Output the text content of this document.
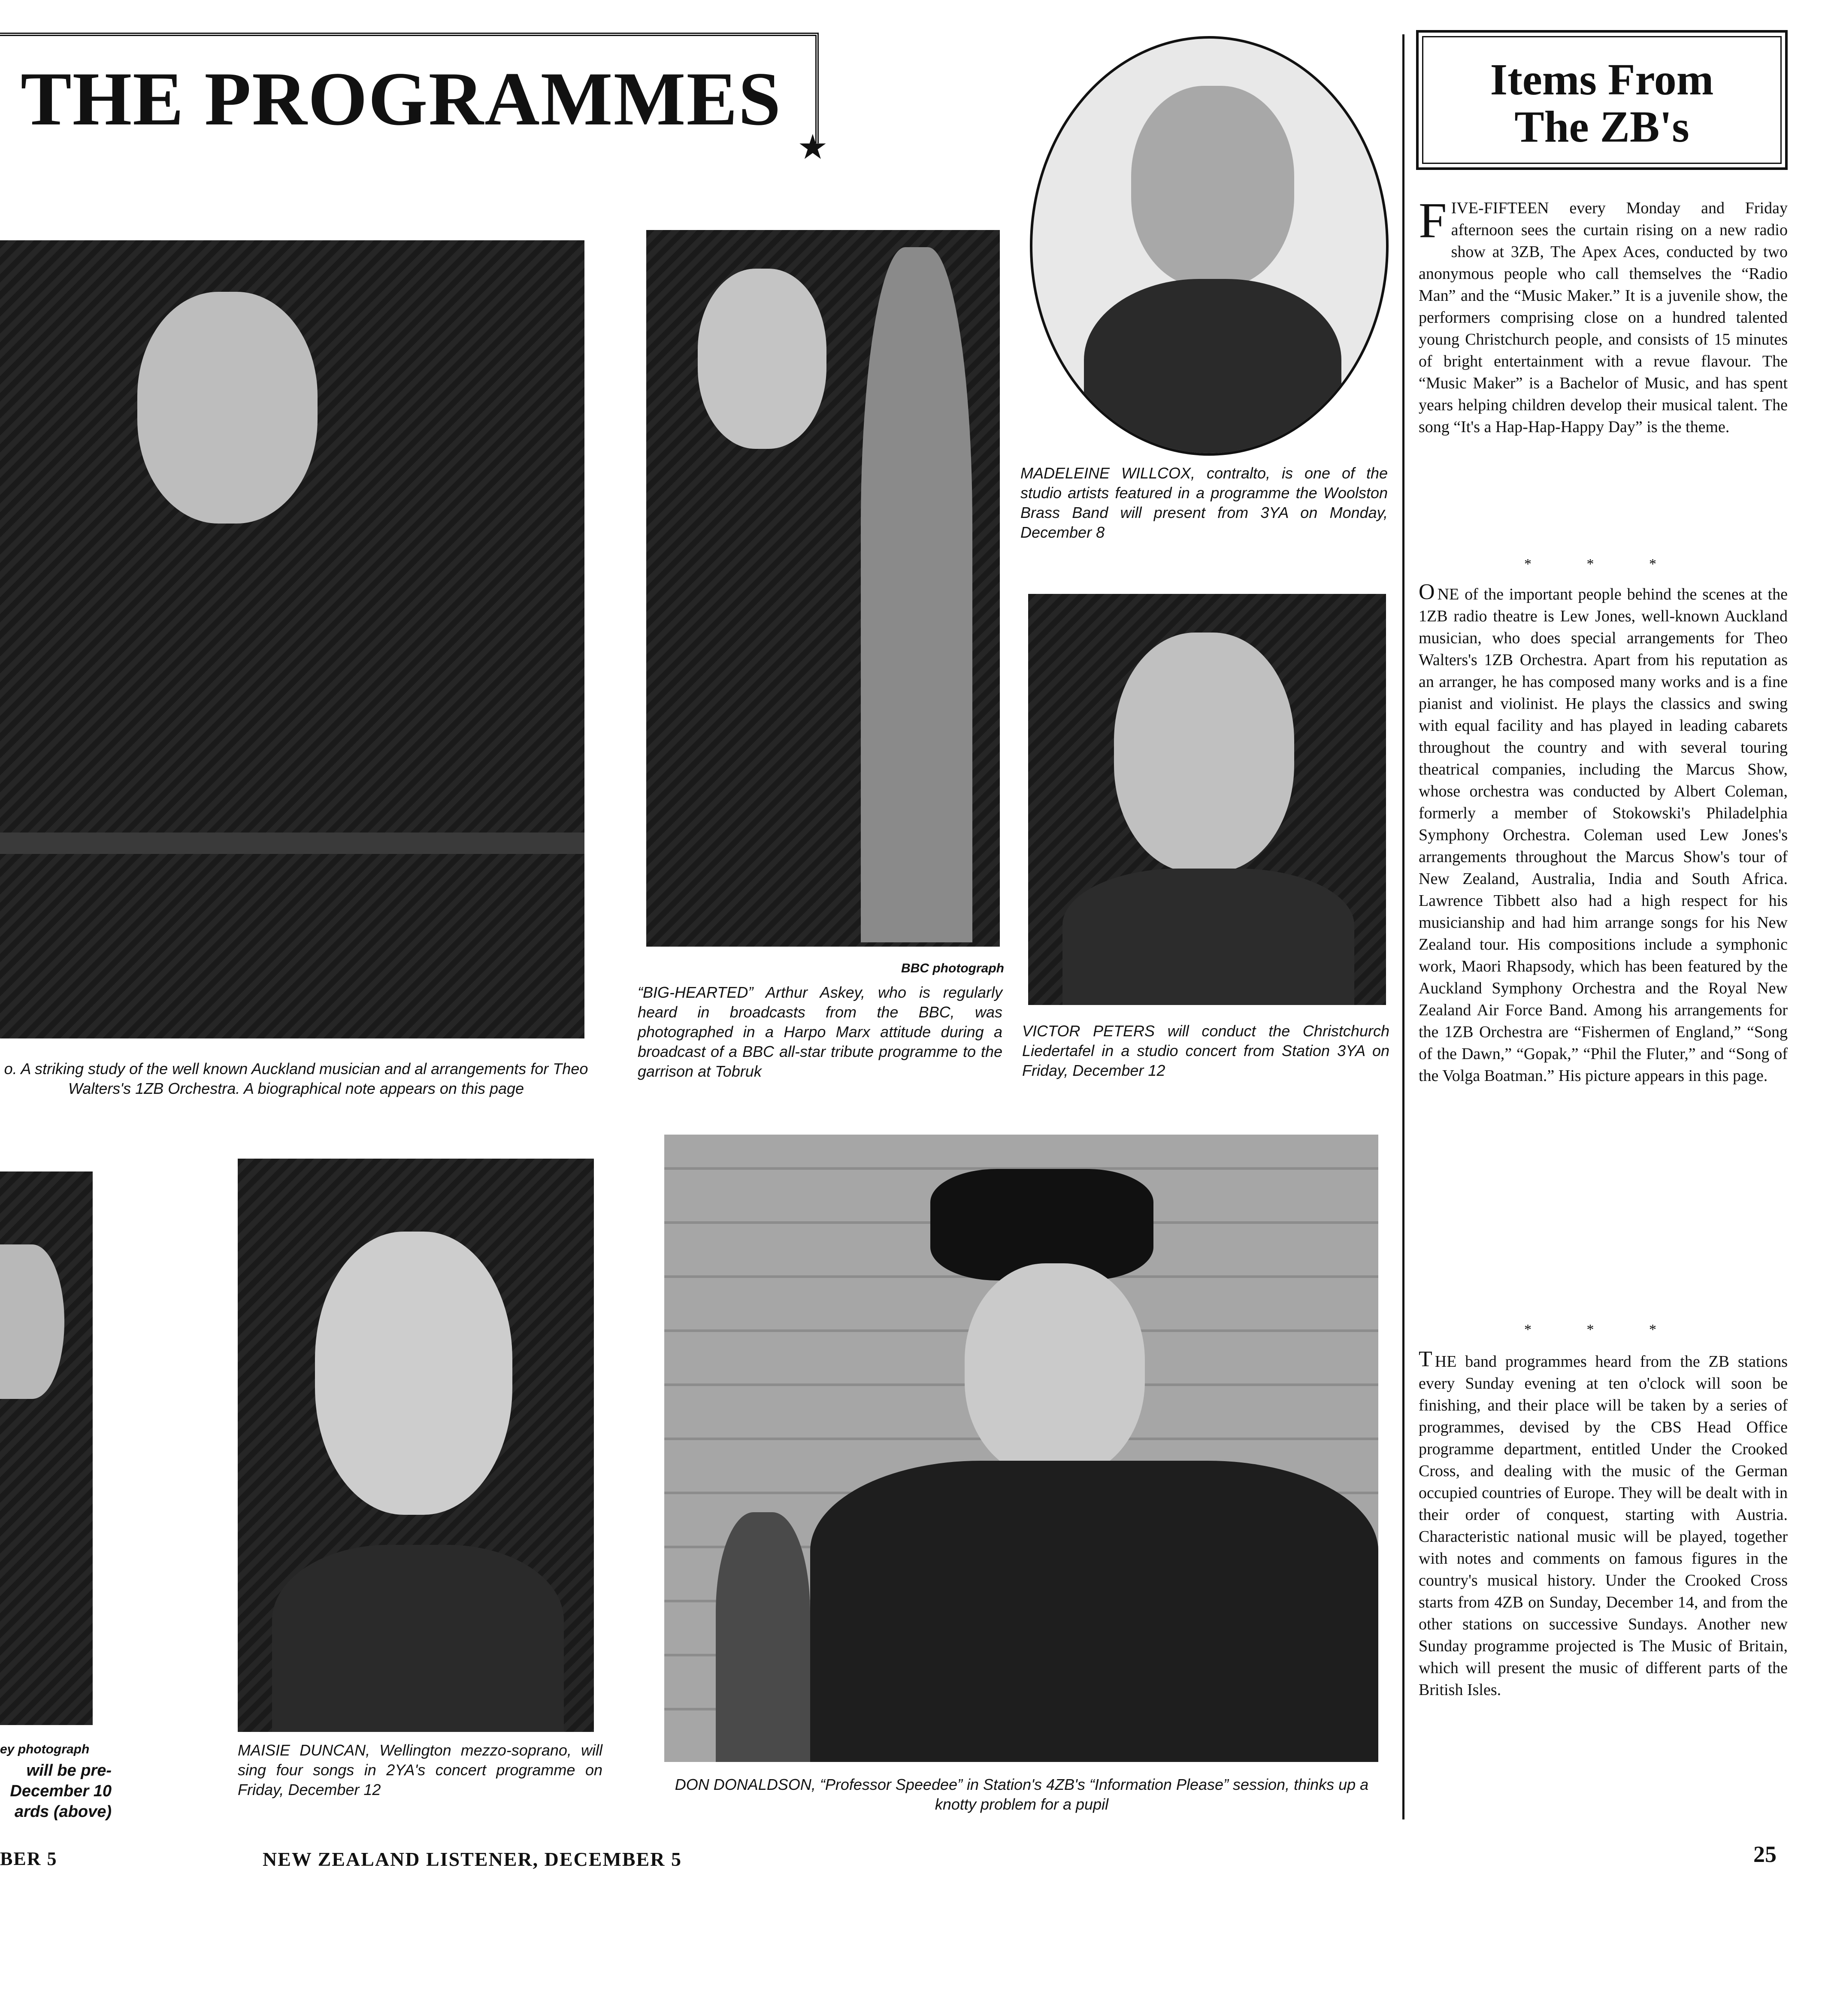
THE PROGRAMMES
★
o. A striking study of the well known Auckland musician and al arrangements for Theo Walters's 1ZB Orchestra. A biographical note appears on this page
BBC photograph
“BIG-HEARTED” Arthur Askey, who is regularly heard in broadcasts from the BBC, was photographed in a Harpo Marx attitude during a broadcast of a BBC all-star tribute programme to the garrison at Tobruk
MADELEINE WILLCOX, contralto, is one of the studio artists featured in a programme the Woolston Brass Band will present from 3YA on Monday, December 8
VICTOR PETERS will conduct the Christchurch Liedertafel in a studio concert from Station 3YA on Friday, December 12
ey photograph
will be pre- December 10 ards (above)
MAISIE DUNCAN, Wellington mezzo-soprano, will sing four songs in 2YA's concert programme on Friday, December 12	DON DONALDSON, “Professor Speedee” in Station's 4ZB's “Information Please” session, thinks up a knotty problem for a pupil
Items From
The ZB's
FIVE-FIFTEEN every Monday and Friday afternoon sees the curtain rising on a new radio show at 3ZB, The Apex Aces, conducted by two anonymous people who call themselves the “Radio Man” and the “Music Maker.” It is a juvenile show, the performers comprising close on a hundred talented young Christchurch people, and consists of 15 minutes of bright entertainment with a revue flavour. The “Music Maker” is a Bachelor of Music, and has spent years helping children develop their musical talent. The song “It's a Hap-Hap-Happy Day” is the theme.
* * *
O NE of the important people behind the scenes at the 1ZB radio theatre is Lew Jones, well-known Auckland musician, who does special arrangements for Theo Walters's 1ZB Orchestra. Apart from his reputation as an arranger, he has composed many works and is a fine pianist and violinist. He plays the classics and swing with equal facility and has played in leading cabarets throughout the country and with several touring theatrical companies, including the Marcus Show, whose orchestra was conducted by Albert Coleman, formerly a member of Stokowski's Philadelphia Symphony Orchestra. Coleman used Lew Jones's arrangements throughout the Marcus Show's tour of New Zealand, Australia, India and South Africa. Lawrence Tibbett also had a high respect for his musicianship and had him arrange songs for his New Zealand tour. His compositions include a symphonic work, Maori Rhapsody, which has been featured by the Auckland Symphony Orchestra and the Royal New Zealand Air Force Band. Among his arrangements for the 1ZB Orchestra are “Fishermen of England,” “Song of the Dawn,” “Gopak,” “Phil the Fluter,” and “Song of the Volga Boatman.” His picture appears in this page.
* * *
T HE band programmes heard from the ZB stations every Sunday evening at ten o'clock will soon be finishing, and their place will be taken by a series of programmes, devised by the CBS Head Office programme department, entitled Under the Crooked Cross, and dealing with the music of the German occupied countries of Europe. They will be dealt with in their order of conquest, starting with Austria. Characteristic national music will be played, together with notes and comments on famous figures in the country's musical history. Under the Crooked Cross starts from 4ZB on Sunday, December 14, and from the other stations on successive Sundays. Another new Sunday programme projected is The Music of Britain, which will present the music of different parts of the British Isles.
BER 5	NEW ZEALAND LISTENER, DECEMBER 5	25
